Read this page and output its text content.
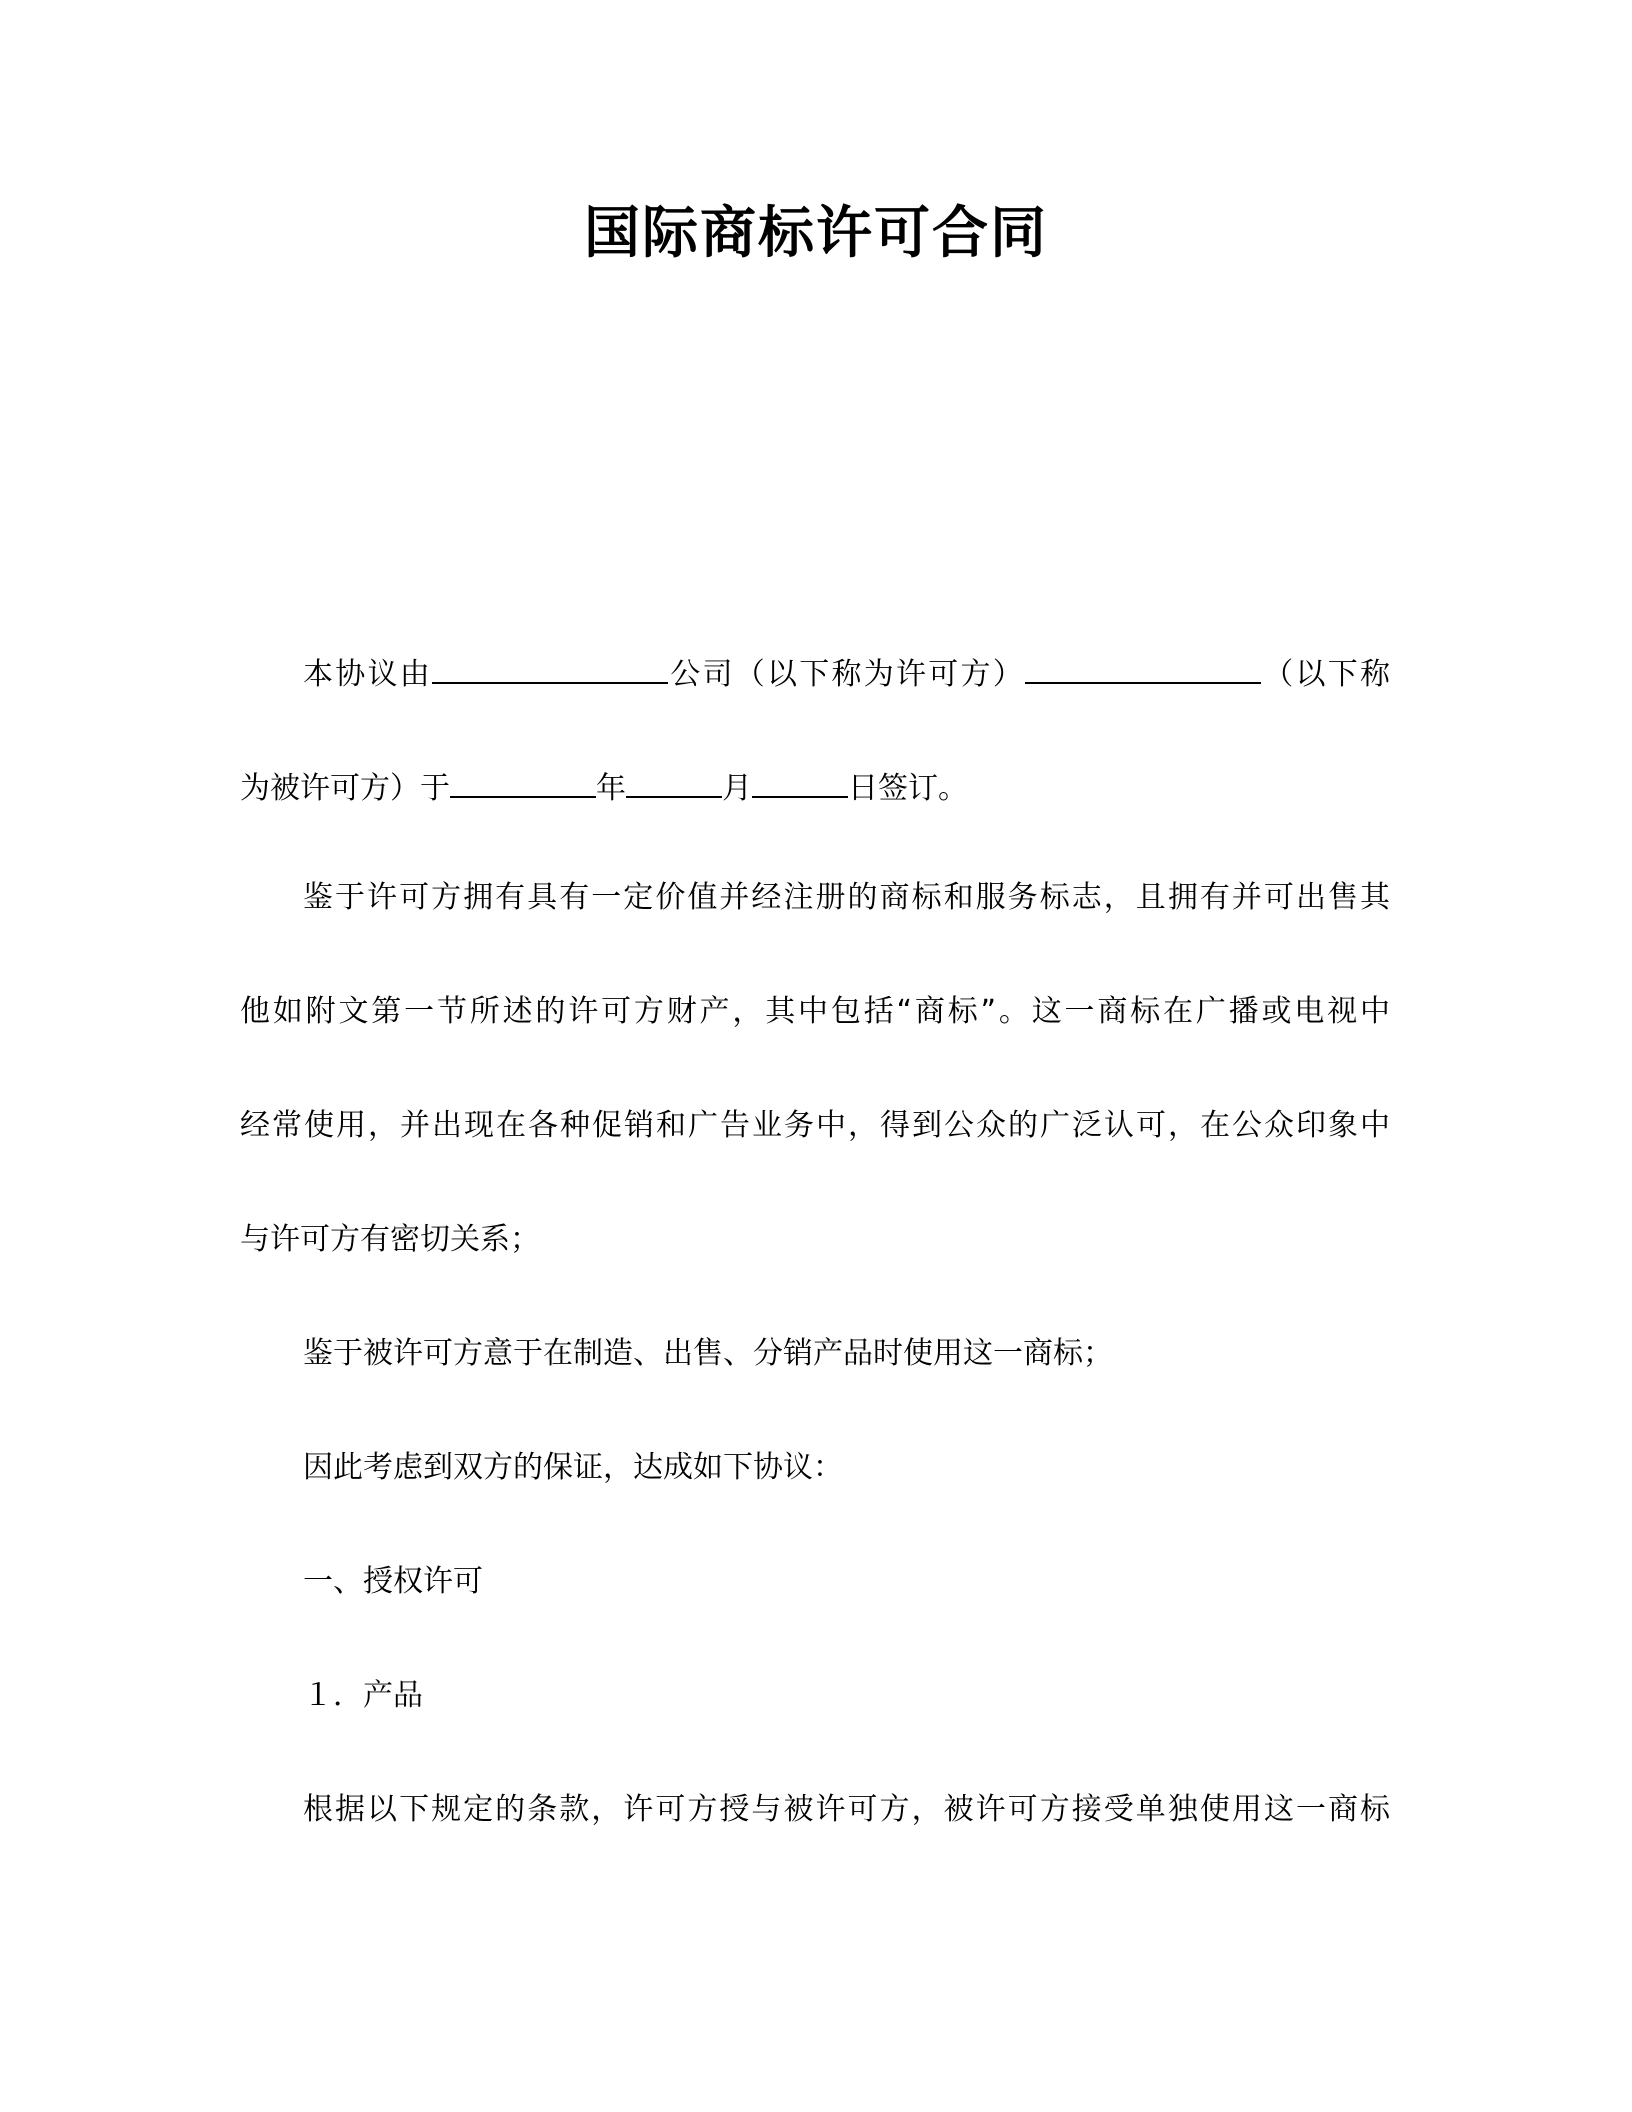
国际商标许可合同
本协议由	公司（以下称为许可方）	（以下称
为被许可方）于	年	月	日签订。
鉴于许可方拥有具有一定价值并经注册的商标和服务标志，且拥有并可出售其
他如附文第一节所述的许可方财产，其中包括“商标”。这一商标在广播或电视中
经常使用，并出现在各种促销和广告业务中，得到公众的广泛认可，在公众印象中
与许可方有密切关系；
鉴于被许可方意于在制造、出售、分销产品时使用这一商标；
因此考虑到双方的保证，达成如下协议：
一、授权许可
１．产品
根据以下规定的条款，许可方授与被许可方，被许可方接受单独使用这一商标
